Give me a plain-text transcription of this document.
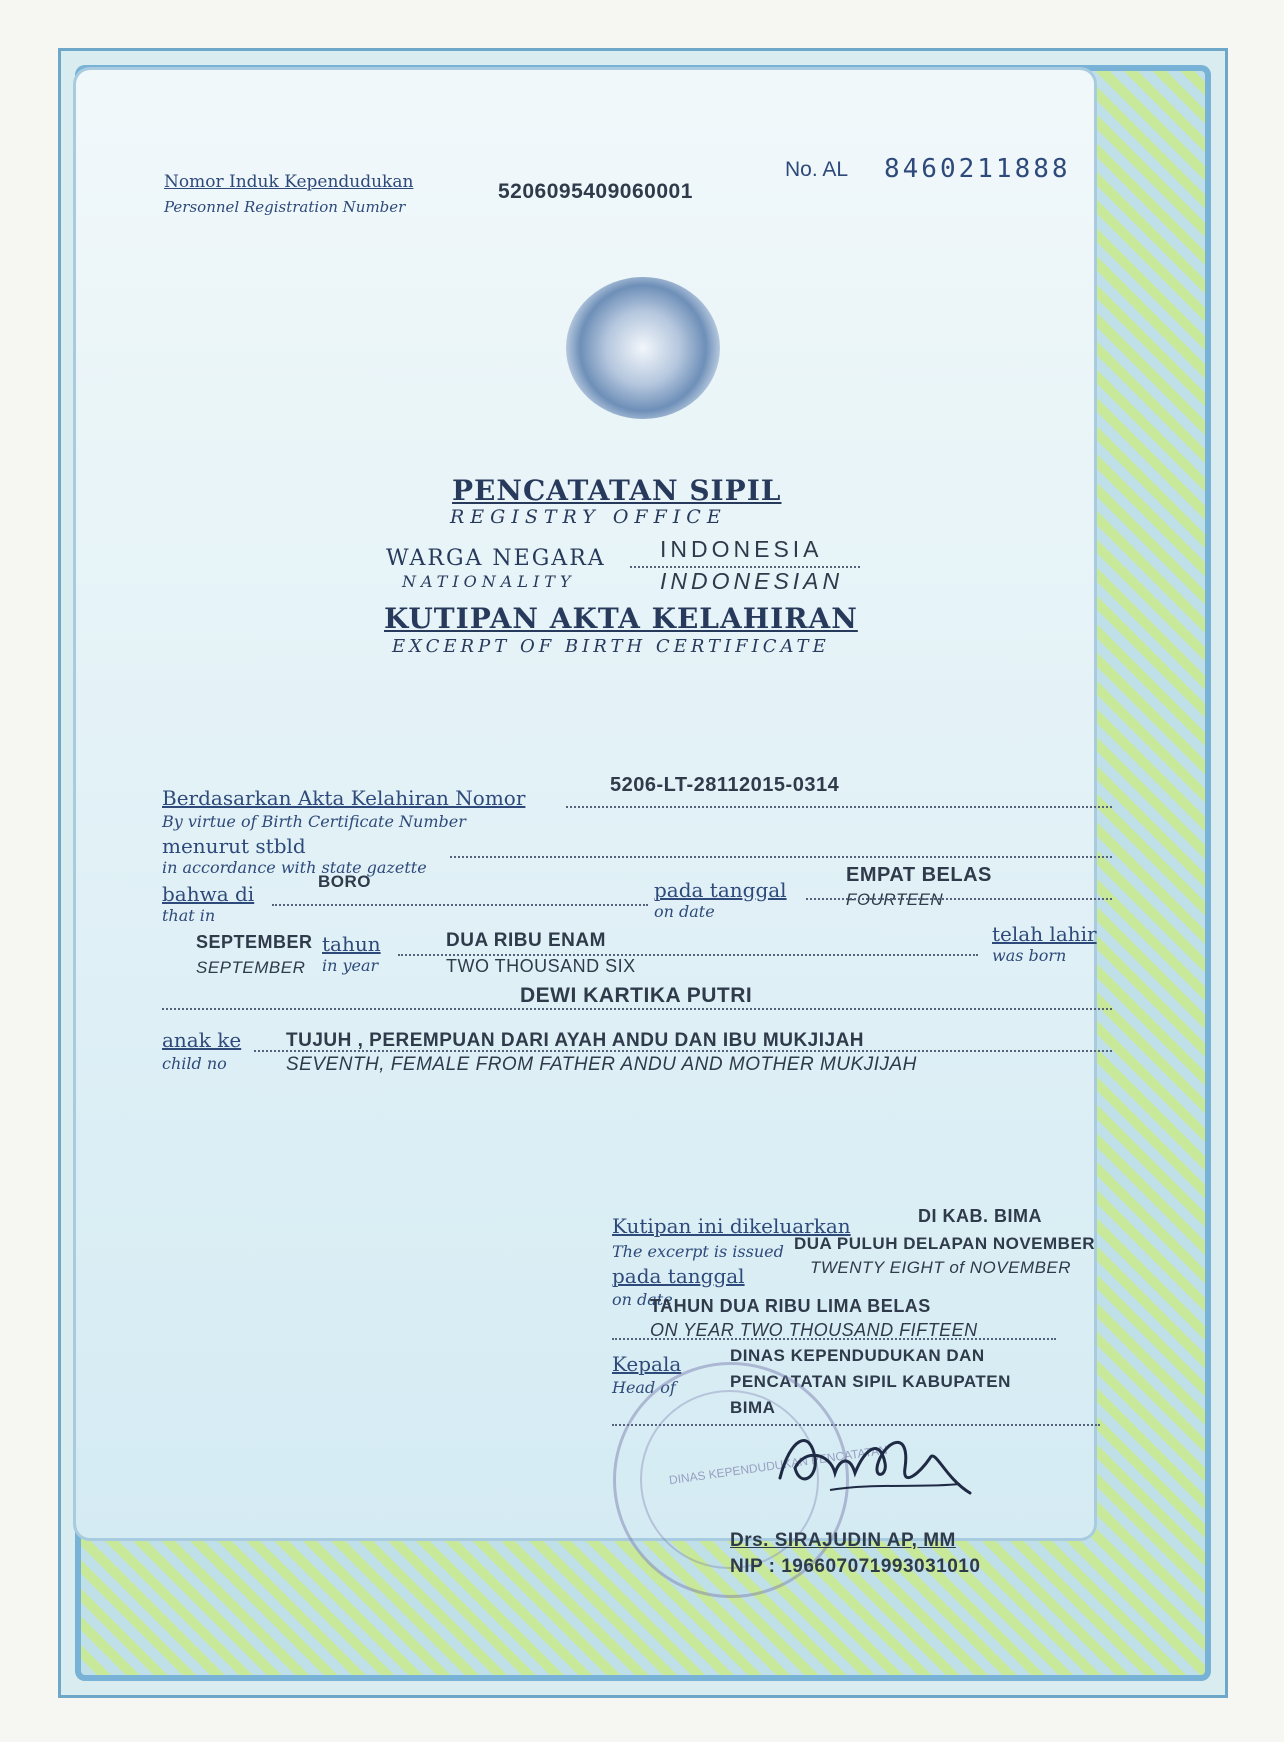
Nomor Induk Kependudukan
Personnel Registration Number
5206095409060001
No. AL 8460211888
PENCATATAN SIPIL
REGISTRY OFFICE
WARGA NEGARA
NATIONALITY
INDONESIA
INDONESIAN
KUTIPAN AKTA KELAHIRAN
EXCERPT OF BIRTH CERTIFICATE
Berdasarkan Akta Kelahiran Nomor
By virtue of Birth Certificate Number
5206-LT-28112015-0314
menurut stbld
in accordance with state gazette
bahwa di
that in
BORO	pada tanggal
on date
EMPAT BELAS
FOURTEEN
SEPTEMBER
SEPTEMBER
tahun
in year
DUA RIBU ENAM
TWO THOUSAND SIX
telah lahir
was born
DEWI KARTIKA PUTRI
anak ke
child no
TUJUH , PEREMPUAN DARI AYAH ANDU DAN IBU MUKJIJAH
SEVENTH, FEMALE FROM FATHER ANDU AND MOTHER MUKJIJAH
Kutipan ini dikeluarkan
The excerpt is issued
DI KAB. BIMA
DUA PULUH DELAPAN NOVEMBER
pada tanggal	TWENTY EIGHT of NOVEMBER
on date
TAHUN DUA RIBU LIMA BELAS
ON YEAR TWO THOUSAND FIFTEEN
Kepala
Head of
DINAS KEPENDUDUKAN DAN
PENCATATAN SIPIL KABUPATEN
BIMA
DINAS KEPENDUDUKAN PENCATATAN
Drs. SIRAJUDIN AP, MM
NIP : 196607071993031010
